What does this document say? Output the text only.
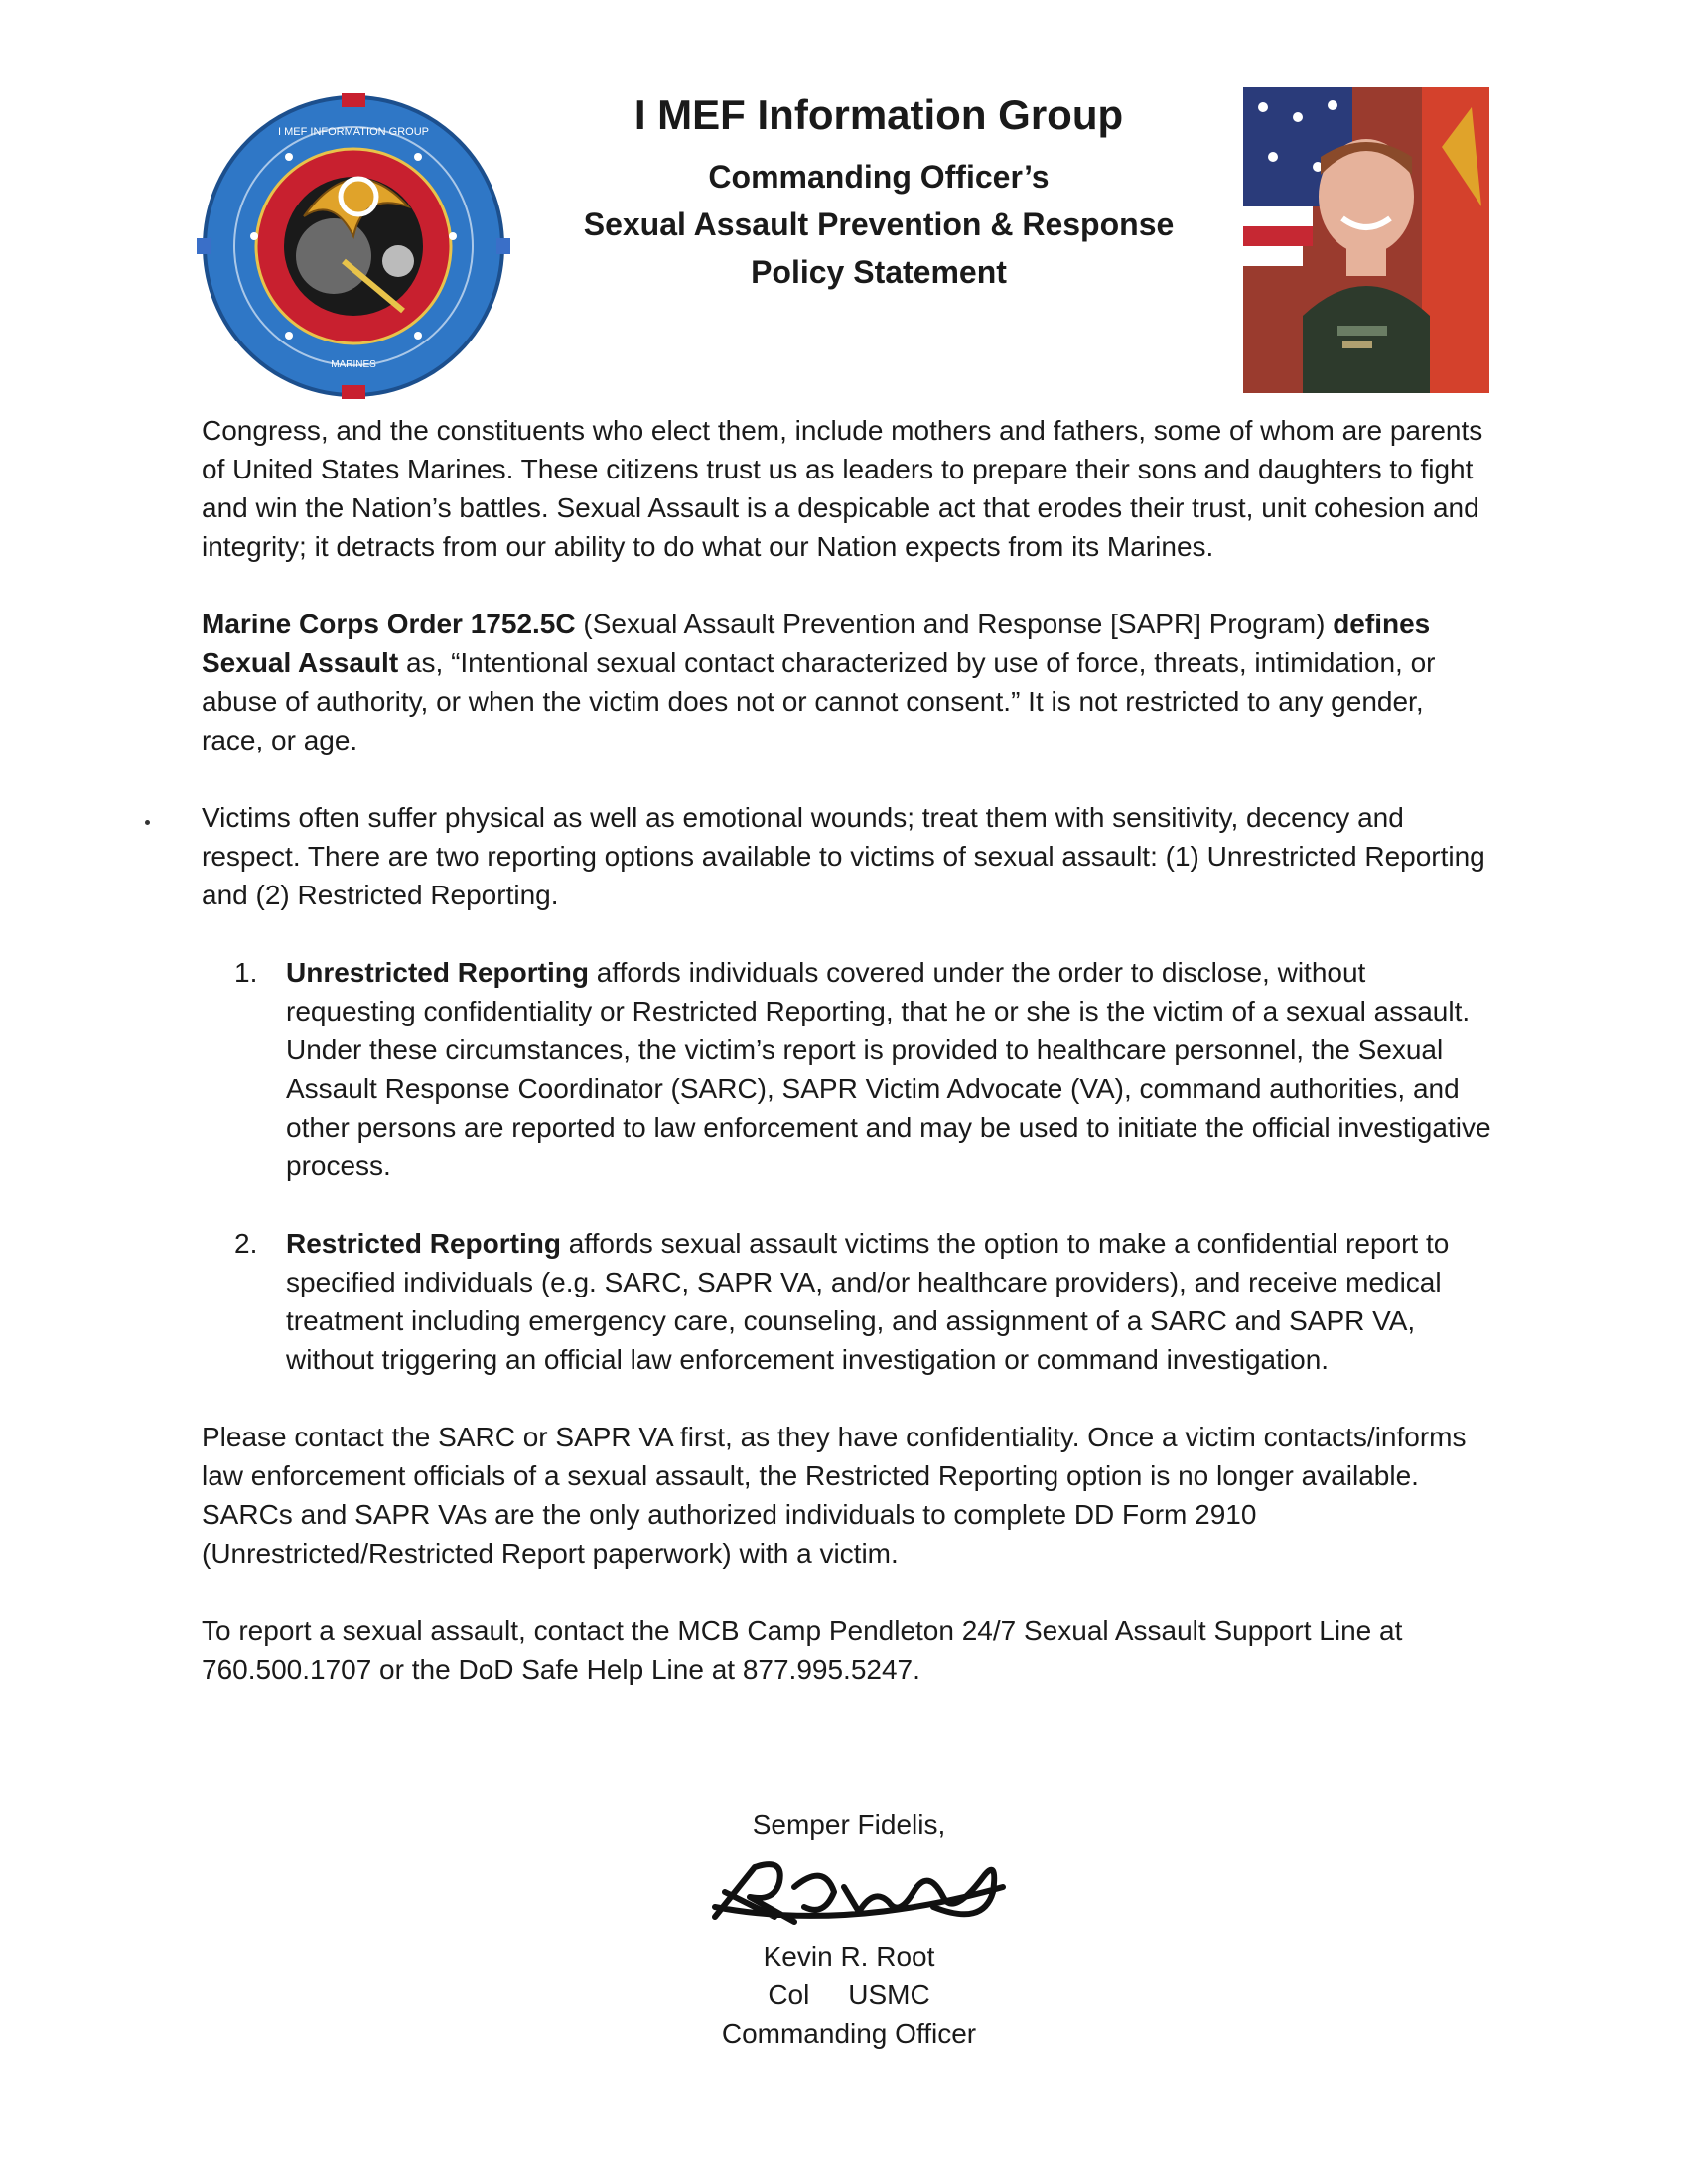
I MEF INFORMATION GROUP
MARINES

I MEF Information Group

Commanding Officer’s

Sexual Assault Prevention & Response

Policy Statement

Congress, and the constituents who elect them, include mothers and fathers, some of whom are parents of United States Marines. These citizens trust us as leaders to prepare their sons and daughters to fight and win the Nation’s battles. Sexual Assault is a despicable act that erodes their trust, unit cohesion and integrity; it detracts from our ability to do what our Nation expects from its Marines.

Marine Corps Order 1752.5C (Sexual Assault Prevention and Response [SAPR] Program) defines Sexual Assault as, “Intentional sexual contact characterized by use of force, threats, intimidation, or abuse of authority, or when the victim does not or cannot consent.” It is not restricted to any gender, race, or age.

Victims often suffer physical as well as emotional wounds; treat them with sensitivity, decency and respect. There are two reporting options available to victims of sexual assault: (1) Unrestricted Reporting and (2) Restricted Reporting.

1. Unrestricted Reporting affords individuals covered under the order to disclose, without requesting confidentiality or Restricted Reporting, that he or she is the victim of a sexual assault. Under these circumstances, the victim’s report is provided to healthcare personnel, the Sexual Assault Response Coordinator (SARC), SAPR Victim Advocate (VA), command authorities, and other persons are reported to law enforcement and may be used to initiate the official investigative process.
2. Restricted Reporting affords sexual assault victims the option to make a confidential report to specified individuals (e.g. SARC, SAPR VA, and/or healthcare providers), and receive medical treatment including emergency care, counseling, and assignment of a SARC and SAPR VA, without triggering an official law enforcement investigation or command investigation.

Please contact the SARC or SAPR VA first, as they have confidentiality. Once a victim contacts/informs law enforcement officials of a sexual assault, the Restricted Reporting option is no longer available. SARCs and SAPR VAs are the only authorized individuals to complete DD Form 2910 (Unrestricted/Restricted Report paperwork) with a victim.

To report a sexual assault, contact the MCB Camp Pendleton 24/7 Sexual Assault Support Line at 760.500.1707 or the DoD Safe Help Line at 877.995.5247.

Semper Fidelis,
Kevin R. Root
Col     USMC
Commanding Officer
